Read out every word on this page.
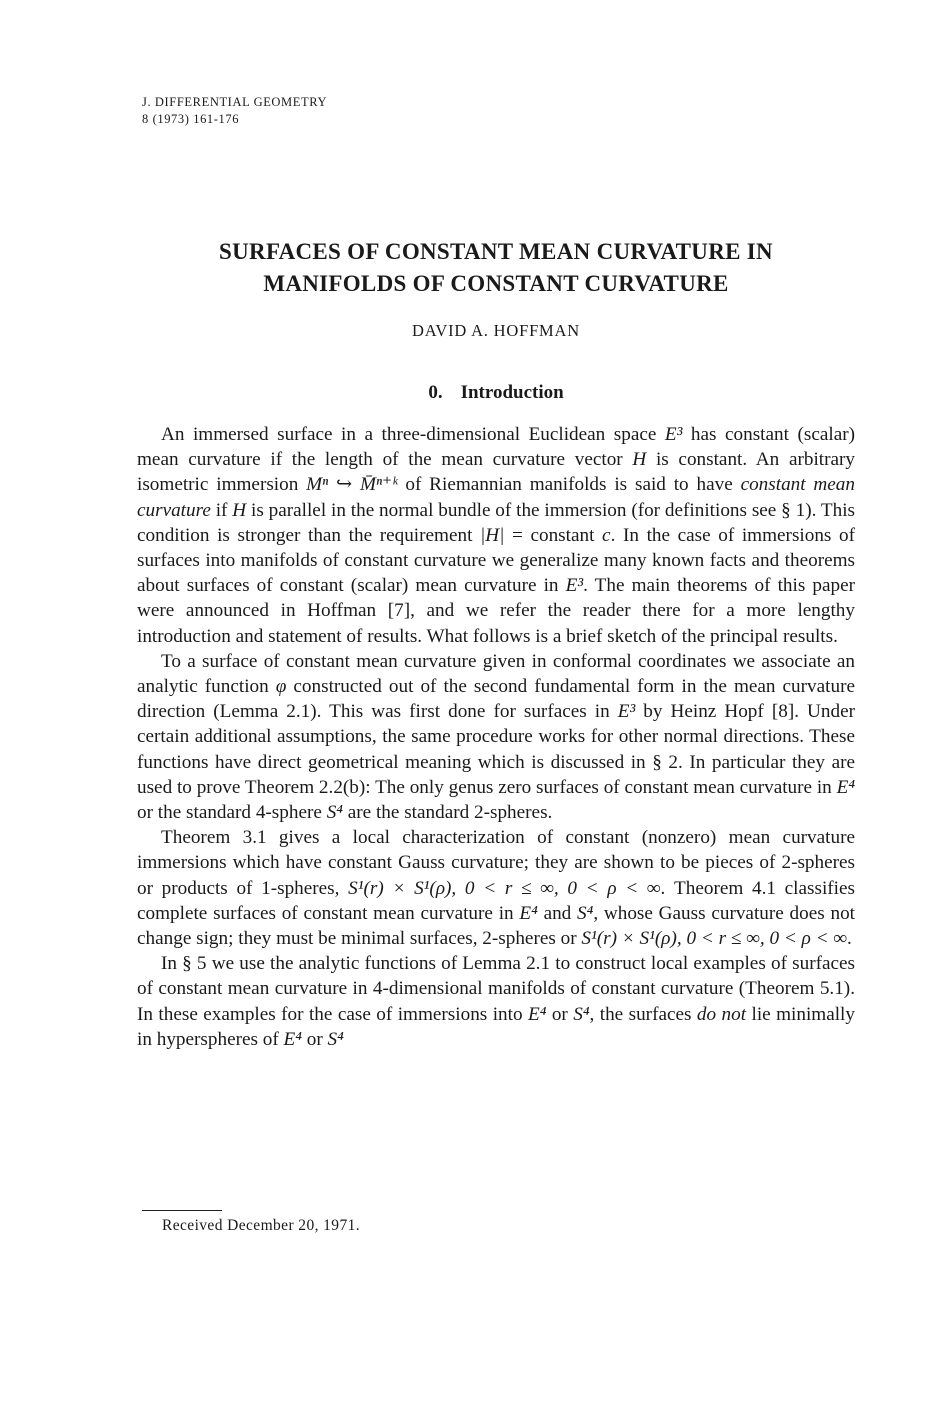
J. DIFFERENTIAL GEOMETRY
8 (1973) 161-176
SURFACES OF CONSTANT MEAN CURVATURE IN
MANIFOLDS OF CONSTANT CURVATURE
DAVID A. HOFFMAN
0. Introduction

An immersed surface in a three-dimensional Euclidean space E³ has constant (scalar) mean curvature if the length of the mean curvature vector H is constant. An arbitrary isometric immersion Mⁿ ↪ M̄ⁿ⁺ᵏ of Riemannian manifolds is said to have constant mean curvature if H is parallel in the normal bundle of the immersion (for definitions see § 1). This condition is stronger than the requirement |H| = constant c. In the case of immersions of surfaces into manifolds of constant curvature we generalize many known facts and theorems about surfaces of constant (scalar) mean curvature in E³. The main theorems of this paper were announced in Hoffman [7], and we refer the reader there for a more lengthy introduction and statement of results. What follows is a brief sketch of the principal results.

To a surface of constant mean curvature given in conformal coordinates we associate an analytic function φ constructed out of the second fundamental form in the mean curvature direction (Lemma 2.1). This was first done for surfaces in E³ by Heinz Hopf [8]. Under certain additional assumptions, the same procedure works for other normal directions. These functions have direct geometrical meaning which is discussed in § 2. In particular they are used to prove Theorem 2.2(b): The only genus zero surfaces of constant mean curvature in E⁴ or the standard 4-sphere S⁴ are the standard 2-spheres.

Theorem 3.1 gives a local characterization of constant (nonzero) mean curvature immersions which have constant Gauss curvature; they are shown to be pieces of 2-spheres or products of 1-spheres, S¹(r) × S¹(ρ), 0 < r ≤ ∞, 0 < ρ < ∞. Theorem 4.1 classifies complete surfaces of constant mean curvature in E⁴ and S⁴, whose Gauss curvature does not change sign; they must be minimal surfaces, 2-spheres or S¹(r) × S¹(ρ), 0 < r ≤ ∞, 0 < ρ < ∞.

In § 5 we use the analytic functions of Lemma 2.1 to construct local examples of surfaces of constant mean curvature in 4-dimensional manifolds of constant curvature (Theorem 5.1). In these examples for the case of immersions into E⁴ or S⁴, the surfaces do not lie minimally in hyperspheres of E⁴ or S⁴

Received December 20, 1971.
